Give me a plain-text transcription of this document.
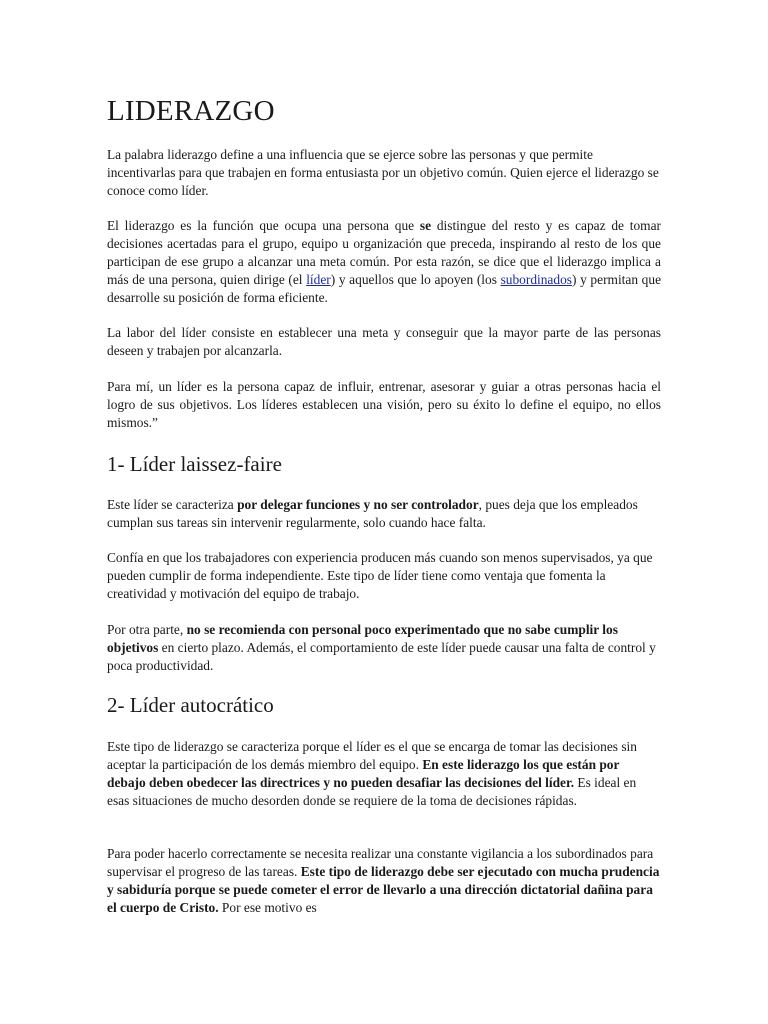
LIDERAZGO

La palabra liderazgo define a una influencia que se ejerce sobre las personas y que permite incentivarlas para que trabajen en forma entusiasta por un objetivo común. Quien ejerce el liderazgo se conoce como líder.

El liderazgo es la función que ocupa una persona que se distingue del resto y es capaz de tomar decisiones acertadas para el grupo, equipo u organización que preceda, inspirando al resto de los que participan de ese grupo a alcanzar una meta común. Por esta razón, se dice que el liderazgo implica a más de una persona, quien dirige (el líder) y aquellos que lo apoyen (los subordinados) y permitan que desarrolle su posición de forma eficiente.

La labor del líder consiste en establecer una meta y conseguir que la mayor parte de las personas deseen y trabajen por alcanzarla.

Para mí, un líder es la persona capaz de influir, entrenar, asesorar y guiar a otras personas hacia el logro de sus objetivos. Los líderes establecen una visión, pero su éxito lo define el equipo, no ellos mismos.”

1- Líder laissez-faire

Este líder se caracteriza por delegar funciones y no ser controlador, pues deja que los empleados cumplan sus tareas sin intervenir regularmente, solo cuando hace falta.

Confía en que los trabajadores con experiencia producen más cuando son menos supervisados, ya que pueden cumplir de forma independiente. Este tipo de líder tiene como ventaja que fomenta la creatividad y motivación del equipo de trabajo.

Por otra parte, no se recomienda con personal poco experimentado que no sabe cumplir los objetivos en cierto plazo. Además, el comportamiento de este líder puede causar una falta de control y poca productividad.

2- Líder autocrático

Este tipo de liderazgo se caracteriza porque el líder es el que se encarga de tomar las decisiones sin aceptar la participación de los demás miembro del equipo. En este liderazgo los que están por debajo deben obedecer las directrices y no pueden desafiar las decisiones del líder. Es ideal en esas situaciones de mucho desorden donde se requiere de la toma de decisiones rápidas.

Para poder hacerlo correctamente se necesita realizar una constante vigilancia a los subordinados para supervisar el progreso de las tareas. Este tipo de liderazgo debe ser ejecutado con mucha prudencia y sabiduría porque se puede cometer el error de llevarlo a una dirección dictatorial dañina para el cuerpo de Cristo. Por ese motivo es
